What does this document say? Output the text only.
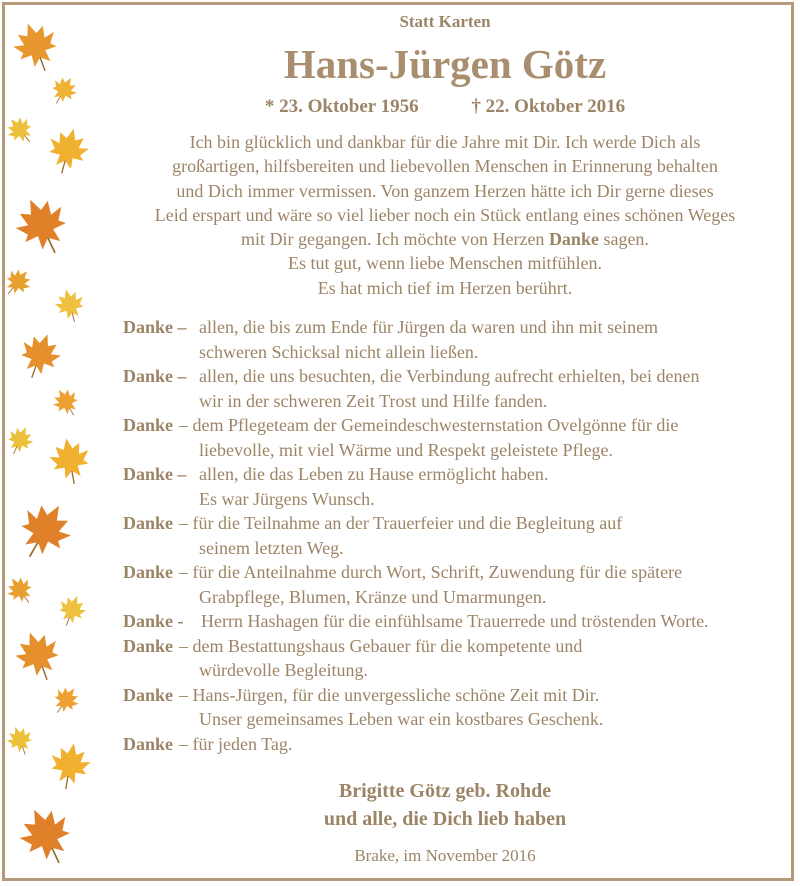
Statt Karten
Hans-Jürgen Götz
* 23. Oktober 1956	† 22. Oktober 2016
Ich bin glücklich und dankbar für die Jahre mit Dir. Ich werde Dich als
großartigen, hilfsbereiten und liebevollen Menschen in Erinnerung behalten
und Dich immer vermissen. Von ganzem Herzen hätte ich Dir gerne dieses
Leid erspart und wäre so viel lieber noch ein Stück entlang eines schönen Weges
mit Dir gegangen. Ich möchte von Herzen Danke sagen.
Es tut gut, wenn liebe Menschen mitfühlen.
Es hat mich tief im Herzen berührt.
Danke – allen, die bis zum Ende für Jürgen da waren und ihn mit seinem
schweren Schicksal nicht allein ließen.
Danke – allen, die uns besuchten, die Verbindung aufrecht erhielten, bei denen
wir in der schweren Zeit Trost und Hilfe fanden.
Danke – dem Pflegeteam der Gemeindeschwesternstation Ovelgönne für die
liebevolle, mit viel Wärme und Respekt geleistete Pflege.
Danke – allen, die das Leben zu Hause ermöglicht haben.
Es war Jürgens Wunsch.
Danke – für die Teilnahme an der Trauerfeier und die Begleitung auf
seinem letzten Weg.
Danke – für die Anteilnahme durch Wort, Schrift, Zuwendung für die spätere
Grabpflege, Blumen, Kränze und Umarmungen.
Danke - Herrn Hashagen für die einfühlsame Trauerrede und tröstenden Worte.
Danke – dem Bestattungshaus Gebauer für die kompetente und
würdevolle Begleitung.
Danke – Hans-Jürgen, für die unvergessliche schöne Zeit mit Dir.
Unser gemeinsames Leben war ein kostbares Geschenk.
Danke – für jeden Tag.
Brigitte Götz geb. Rohde
und alle, die Dich lieb haben
Brake, im November 2016
